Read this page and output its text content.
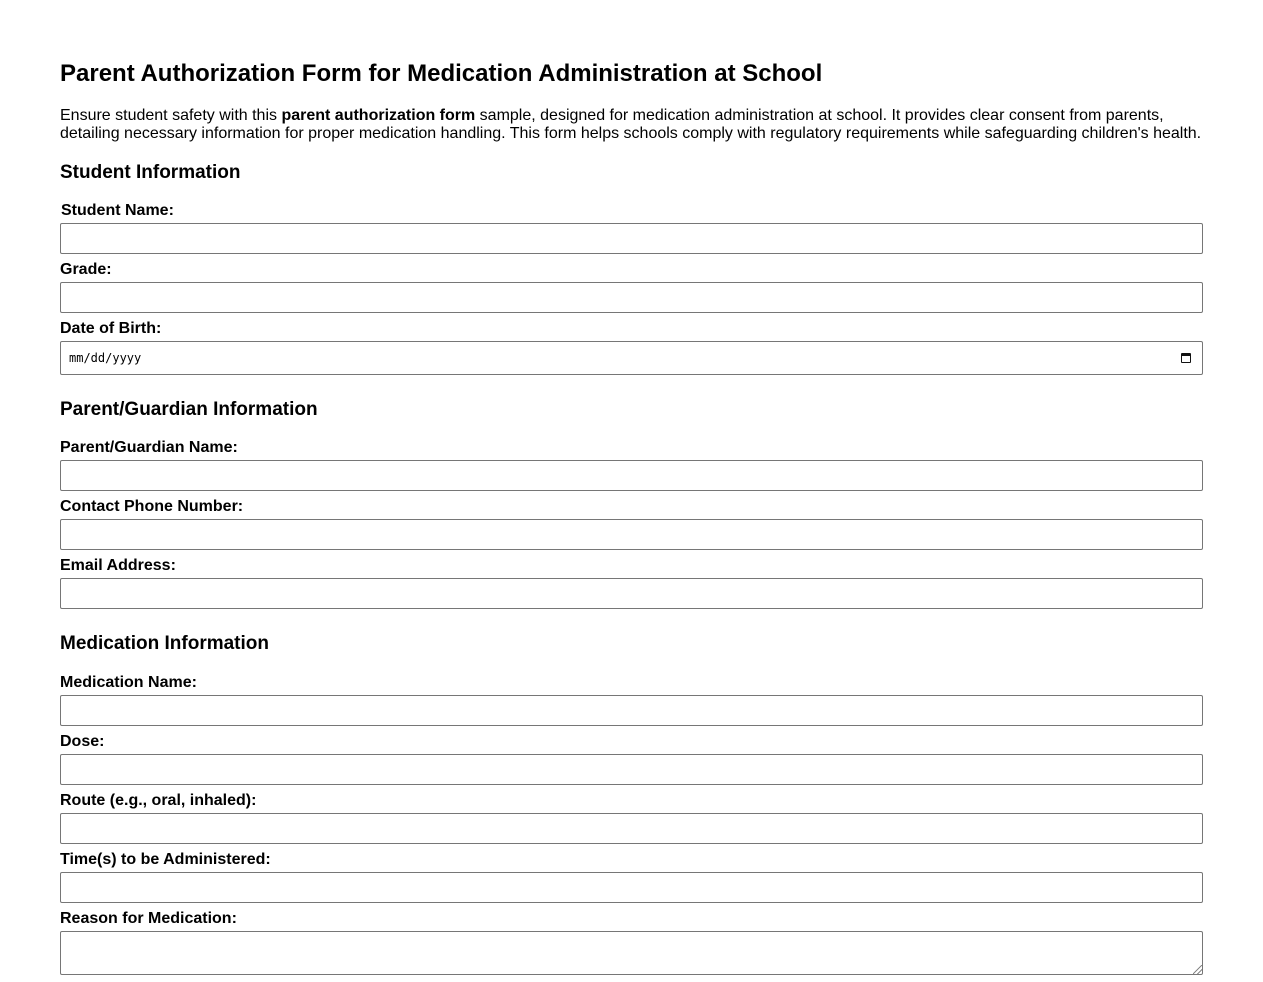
Parent Authorization Form for Medication Administration at School

Ensure student safety with this parent authorization form sample, designed for medication administration at school. It provides clear consent from parents, detailing necessary information for proper medication handling. This form helps schools comply with regulatory requirements while safeguarding children's health.

Student Information
Student Name:
Grade:
Date of Birth:
mm/dd/yyyy
Parent/Guardian Information
Parent/Guardian Name:
Contact Phone Number:
Email Address:
Medication Information
Medication Name:
Dose:
Route (e.g., oral, inhaled):
Time(s) to be Administered:
Reason for Medication:
